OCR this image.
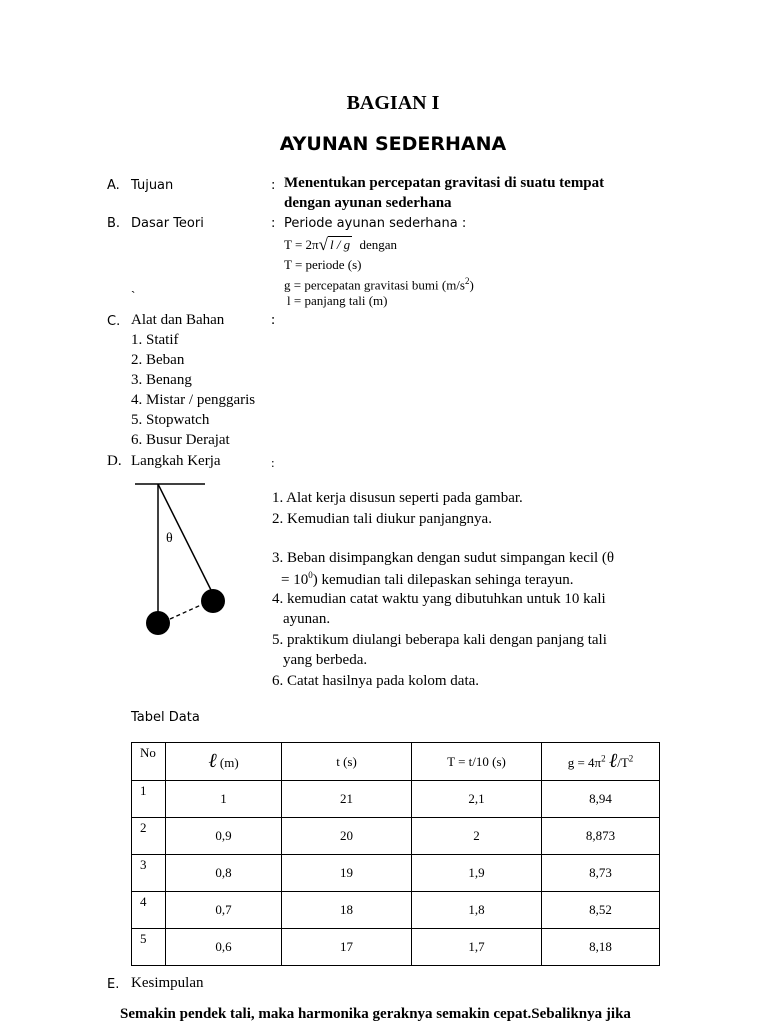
BAGIAN I
AYUNAN SEDERHANA
A. Tujuan	: Menentukan percepatan gravitasi di suatu tempat
dengan ayunan sederhana
B. Dasar Teori	: Periode ayunan sederhana :
T = 2π√ l / g dengan
T = periode (s)
g = percepatan gravitasi bumi $(m/s^2)$
`	l = panjang tali (m)
C. Alat dan Bahan	:
1. Statif
2. Beban
3. Benang
4. Mistar / penggaris
5. Stopwatch
6. Busur Derajat
D. Langkah Kerja	:
θ
1. Alat kerja disusun seperti pada gambar.
2. Kemudian tali diukur panjangnya.
3. Beban disimpangkan dengan sudut simpangan kecil (θ
= $10^0$) kemudian tali dilepaskan sehinga terayun.
4. kemudian catat waktu yang dibutuhkan untuk 10 kali
ayunan.
5. praktikum diulangi beberapa kali dengan panjang tali
yang berbeda.
6. Catat hasilnya pada kolom data.
Tabel Data
No	ℓ (m)	t (s)	T = t/10 (s)	$g = 4\pi^2$ $\ell/T^2$
1	1	21	2,1	8,94
2	0,9	20	2	8,873
3	0,8	19	1,9	8,73
4	0,7	18	1,8	8,52
5	0,6	17	1,7	8,18
E. Kesimpulan
Semakin pendek tali, maka harmonika geraknya semakin cepat.Sebaliknya jika
